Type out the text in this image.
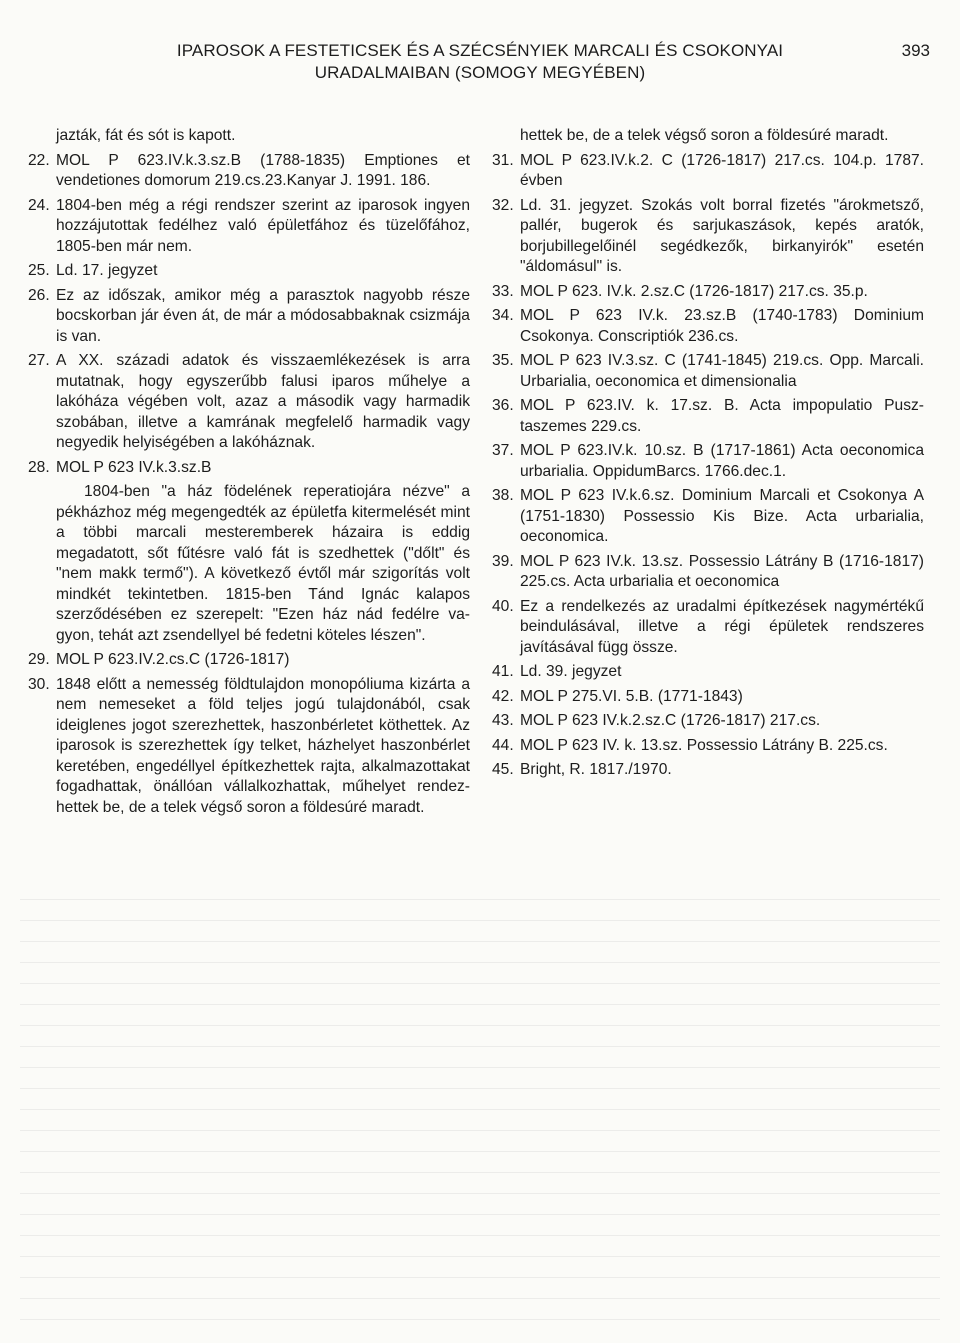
IPAROSOK A FESTETICSEK ÉS A SZÉCSÉNYIEK MARCALI ÉS CSOKONYAI
URADALMAIBAN (SOMOGY MEGYÉBEN)
393
jazták, fát és sót is kapott.
22. MOL P 623.IV.k.3.sz.B (1788-1835) Emptiones et vendetiones domorum 219.cs.23.Kanyar J. 1991. 186.
24. 1804-ben még a régi rendszer szerint az iparosok ingyen hozzájutottak fedélhez való épületfához és tüzelőfához, 1805-ben már nem.
25. Ld. 17. jegyzet
26. Ez az időszak, amikor még a parasztok nagyobb része bocskorban jár éven át, de már a módosabbaknak csizmája is van.
27. A XX. századi adatok és visszaemlékezések is arra mutatnak, hogy egyszerűbb falusi iparos műhelye a lakóháza végében volt, azaz a második vagy harmadik szobában, illetve a kamrának megfelelő harmadik vagy negyedik helyiségében a lakóháznak.
28. MOL P 623 IV.k.3.sz.B
1804-ben "a ház födelének reperatiojára nézve" a pékházhoz még megengedték az épületfa kitermelését mint a többi marcali mesteremberek házaira is eddig megadatott, sőt fűtésre való fát is szedhettek ("dőlt" és "nem makk termő"). A következő évtől már szigorítás volt mindkét tekintetben. 1815-ben Tánd Ignác kalapos szerződésében ez szerepelt: "Ezen ház nád fedélre vagyon, tehát azt zsendellyel bé fedetni köteles lészen".
29. MOL P 623.IV.2.cs.C (1726-1817)
30. 1848 előtt a nemesség földtulajdon monopóliuma kizárta a nem nemeseket a föld teljes jogú tulajdonából, csak ideiglenes jogot szerezhettek, haszonbérletet köthettek. Az iparosok is szerezhettek így telket, házhelyet haszonbérlet keretében, engedéllyel építkezhettek rajta, alkalmazottakat fogadhattak, önállóan vállalkozhattak, műhelyet rendezhettek be, de a telek végső soron a földesúré maradt.
hettek be, de a telek végső soron a földesúré maradt.
31. MOL P 623.IV.k.2. C (1726-1817) 217.cs. 104.p. 1787. évben
32. Ld. 31. jegyzet. Szokás volt borral fizetés "árokmetsző, pallér, bugerok és sarjukaszások, kepés aratók, borjubillegelőinél segédkezők, birkanyirók" esetén "áldomásul" is.
33. MOL P 623. IV.k. 2.sz.C (1726-1817) 217.cs. 35.p.
34. MOL P 623 IV.k. 23.sz.B (1740-1783) Dominium Csokonya. Conscriptiók 236.cs.
35. MOL P 623 IV.3.sz. C (1741-1845) 219.cs. Opp. Marcali. Urbarialia, oeconomica et dimensionalia
36. MOL P 623.IV. k. 17.sz. B. Acta impopulatio Pusztaszemes 229.cs.
37. MOL P 623.IV.k. 10.sz. B (1717-1861) Acta oeconomica urbarialia. OppidumBarcs. 1766.dec.1.
38. MOL P 623 IV.k.6.sz. Dominium Marcali et Csokonya A (1751-1830) Possessio Kis Bize. Acta urbarialia, oeconomica.
39. MOL P 623 IV.k. 13.sz. Possessio Látrány B (1716-1817) 225.cs. Acta urbarialia et oeconomica
40. Ez a rendelkezés az uradalmi építkezések nagymértékű beindulásával, illetve a régi épületek rendszeres javításával függ össze.
41. Ld. 39. jegyzet
42. MOL P 275.VI. 5.B. (1771-1843)
43. MOL P 623 IV.k.2.sz.C (1726-1817) 217.cs.
44. MOL P 623 IV. k. 13.sz. Possessio Látrány B. 225.cs.
45. Bright, R. 1817./1970.
